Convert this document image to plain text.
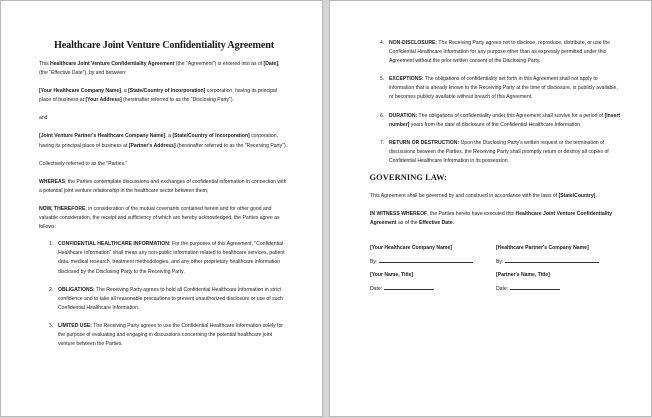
Healthcare Joint Venture Confidentiality Agreement

This Healthcare Joint Venture Confidentiality Agreement (the "Agreement") is entered into as of [Date], (the "Effective Date"), by and between:

[Your Healthcare Company Name], a [State/Country of Incorporation] corporation, having its principal place of business at [Your Address] (hereinafter referred to as the "Disclosing Party").

and

[Joint Venture Partner's Healthcare Company Name], a [State/Country of Incorporation] corporation, having its principal place of business at [Partner's Address] (hereinafter referred to as the "Receiving Party").

Collectively referred to as the "Parties."

WHEREAS, the Parties contemplate discussions and exchanges of confidential information in connection with a potential joint venture relationship in the healthcare sector between them;

NOW, THEREFORE, in consideration of the mutual covenants contained herein and for other good and valuable consideration, the receipt and sufficiency of which are hereby acknowledged, the Parties agree as follows:

1. CONFIDENTIAL HEALTHCARE INFORMATION: For the purposes of this Agreement, "Confidential Healthcare Information" shall mean any non-public information related to healthcare services, patient data, medical research, treatment methodologies, and any other proprietary healthcare information disclosed by the Disclosing Party to the Receiving Party.
2. OBLIGATIONS: The Receiving Party agrees to hold all Confidential Healthcare Information in strict confidence and to take all reasonable precautions to prevent unauthorized disclosure or use of such Confidential Healthcare Information.
3. LIMITED USE: The Receiving Party agrees to use the Confidential Healthcare Information solely for the purpose of evaluating and engaging in discussions concerning the potential healthcare joint venture between the Parties.
4. NON-DISCLOSURE: The Receiving Party agrees not to disclose, reproduce, distribute, or use the Confidential Healthcare Information for any purpose other than as expressly permitted under this Agreement without the prior written consent of the Disclosing Party.
5. EXCEPTIONS: The obligations of confidentiality set forth in this Agreement shall not apply to information that is already known to the Receiving Party at the time of disclosure, is publicly available, or becomes publicly available without breach of this Agreement.
6. DURATION: The obligations of confidentiality under this Agreement shall survive for a period of [Insert number] years from the date of disclosure of the Confidential Healthcare Information.
7. RETURN OR DESTRUCTION: Upon the Disclosing Party's written request or the termination of discussions between the Parties, the Receiving Party shall promptly return or destroy all copies of Confidential Healthcare Information in its possession.
GOVERNING LAW:

This Agreement shall be governed by and construed in accordance with the laws of [State/Country].

IN WITNESS WHEREOF, the Parties hereto have executed this Healthcare Joint Venture Confidentiality Agreement as of the Effective Date.

[Your Healthcare Company Name]
By:
[Your Name, Title]
Date:
[Healthcare Partner's Company Name]
By:
[Partner's Name, Title]
Date:
